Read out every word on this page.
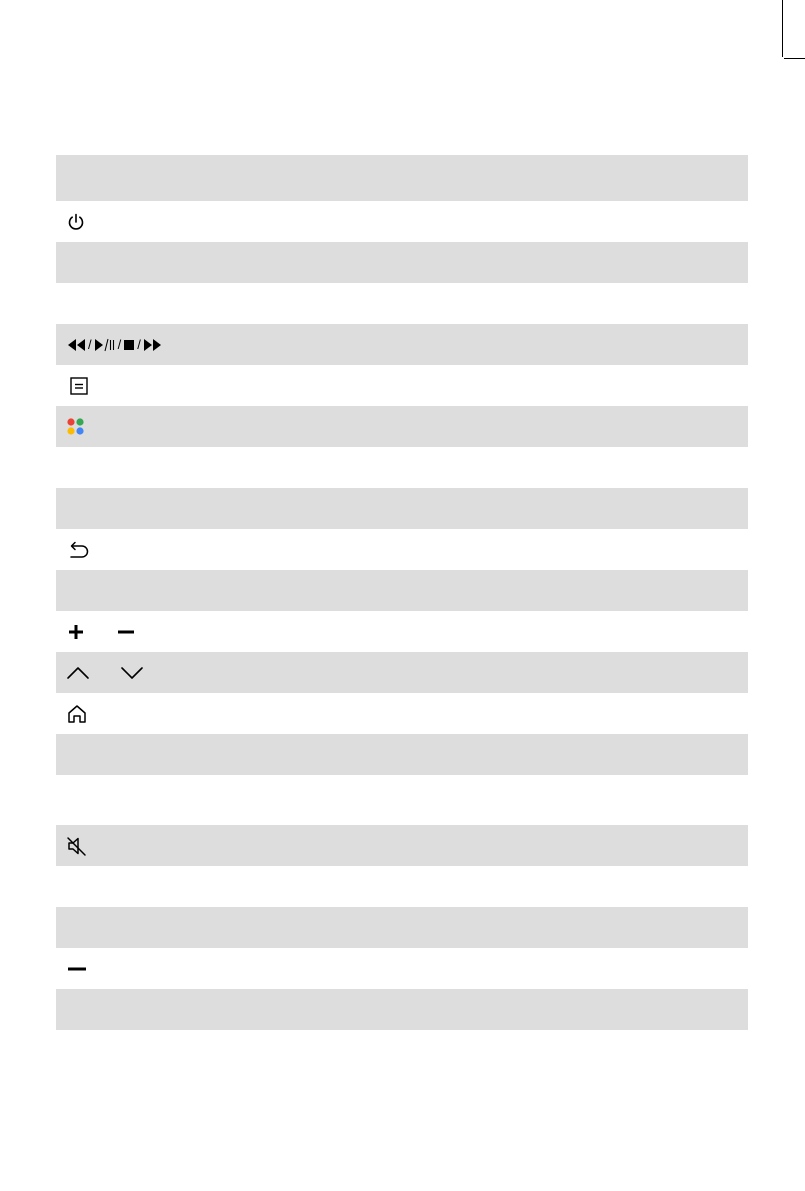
/ / /
